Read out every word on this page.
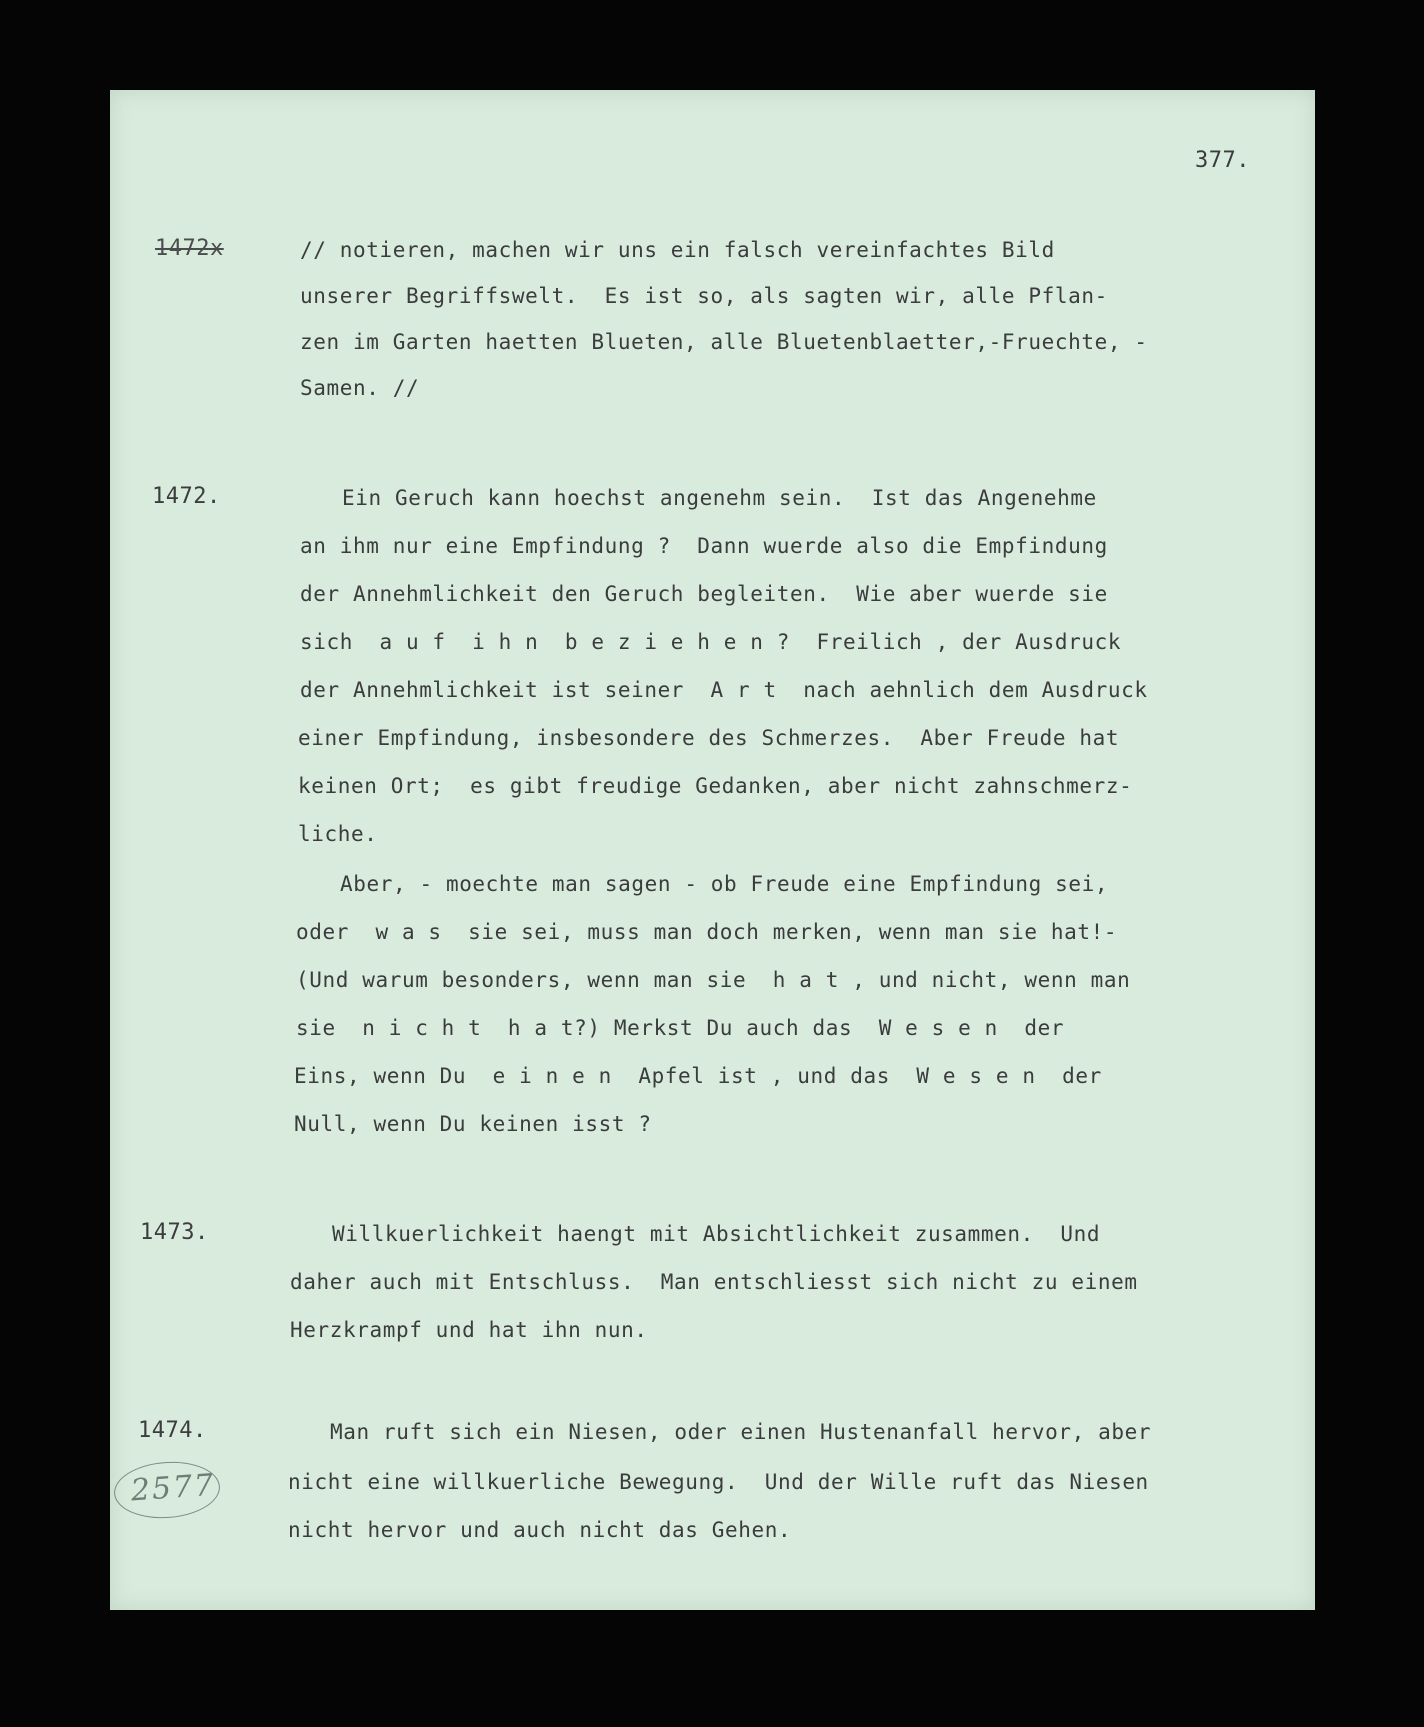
377.
1472x	// notieren, machen wir uns ein falsch vereinfachtes Bild
unserer Begriffswelt.  Es ist so, als sagten wir, alle Pflan-
zen im Garten haetten Blueten, alle Bluetenblaetter,-Fruechte, -
Samen. //
1472.	Ein Geruch kann hoechst angenehm sein.  Ist das Angenehme
an ihm nur eine Empfindung ?  Dann wuerde also die Empfindung
der Annehmlichkeit den Geruch begleiten.  Wie aber wuerde sie
sich  a u f  i h n  b e z i e h e n ?  Freilich , der Ausdruck
der Annehmlichkeit ist seiner  A r t  nach aehnlich dem Ausdruck
einer Empfindung, insbesondere des Schmerzes.  Aber Freude hat
keinen Ort;  es gibt freudige Gedanken, aber nicht zahnschmerz-
liche.
Aber, - moechte man sagen - ob Freude eine Empfindung sei,
oder  w a s  sie sei, muss man doch merken, wenn man sie hat!-
(Und warum besonders, wenn man sie  h a t , und nicht, wenn man
sie  n i c h t  h a t?) Merkst Du auch das  W e s e n  der
Eins, wenn Du  e i n e n  Apfel ist , und das  W e s e n  der
Null, wenn Du keinen isst ?
1473.	Willkuerlichkeit haengt mit Absichtlichkeit zusammen.  Und
daher auch mit Entschluss.  Man entschliesst sich nicht zu einem
Herzkrampf und hat ihn nun.
1474.	Man ruft sich ein Niesen, oder einen Hustenanfall hervor, aber
nicht eine willkuerliche Bewegung.  Und der Wille ruft das Niesen
nicht hervor und auch nicht das Gehen.
2577
